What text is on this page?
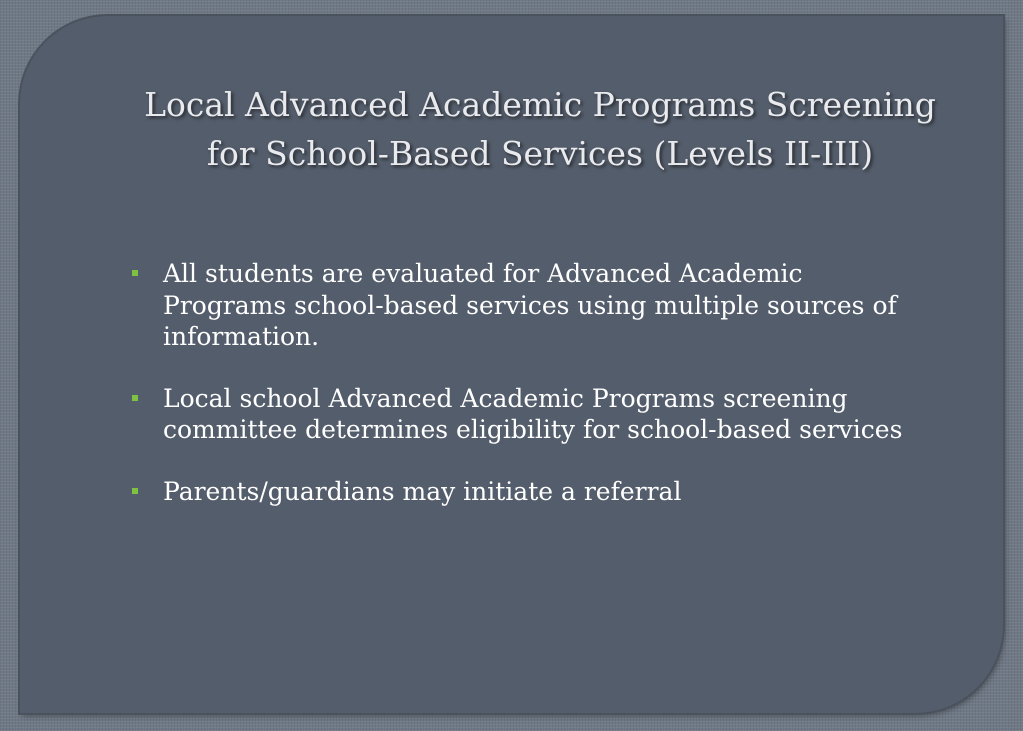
Local Advanced Academic Programs Screening
for School-Based Services (Levels II-III)
All students are evaluated for Advanced Academic Programs school-based services using multiple sources of information.
Local school Advanced Academic Programs screening committee determines eligibility for school-based services
Parents/guardians may initiate a referral
